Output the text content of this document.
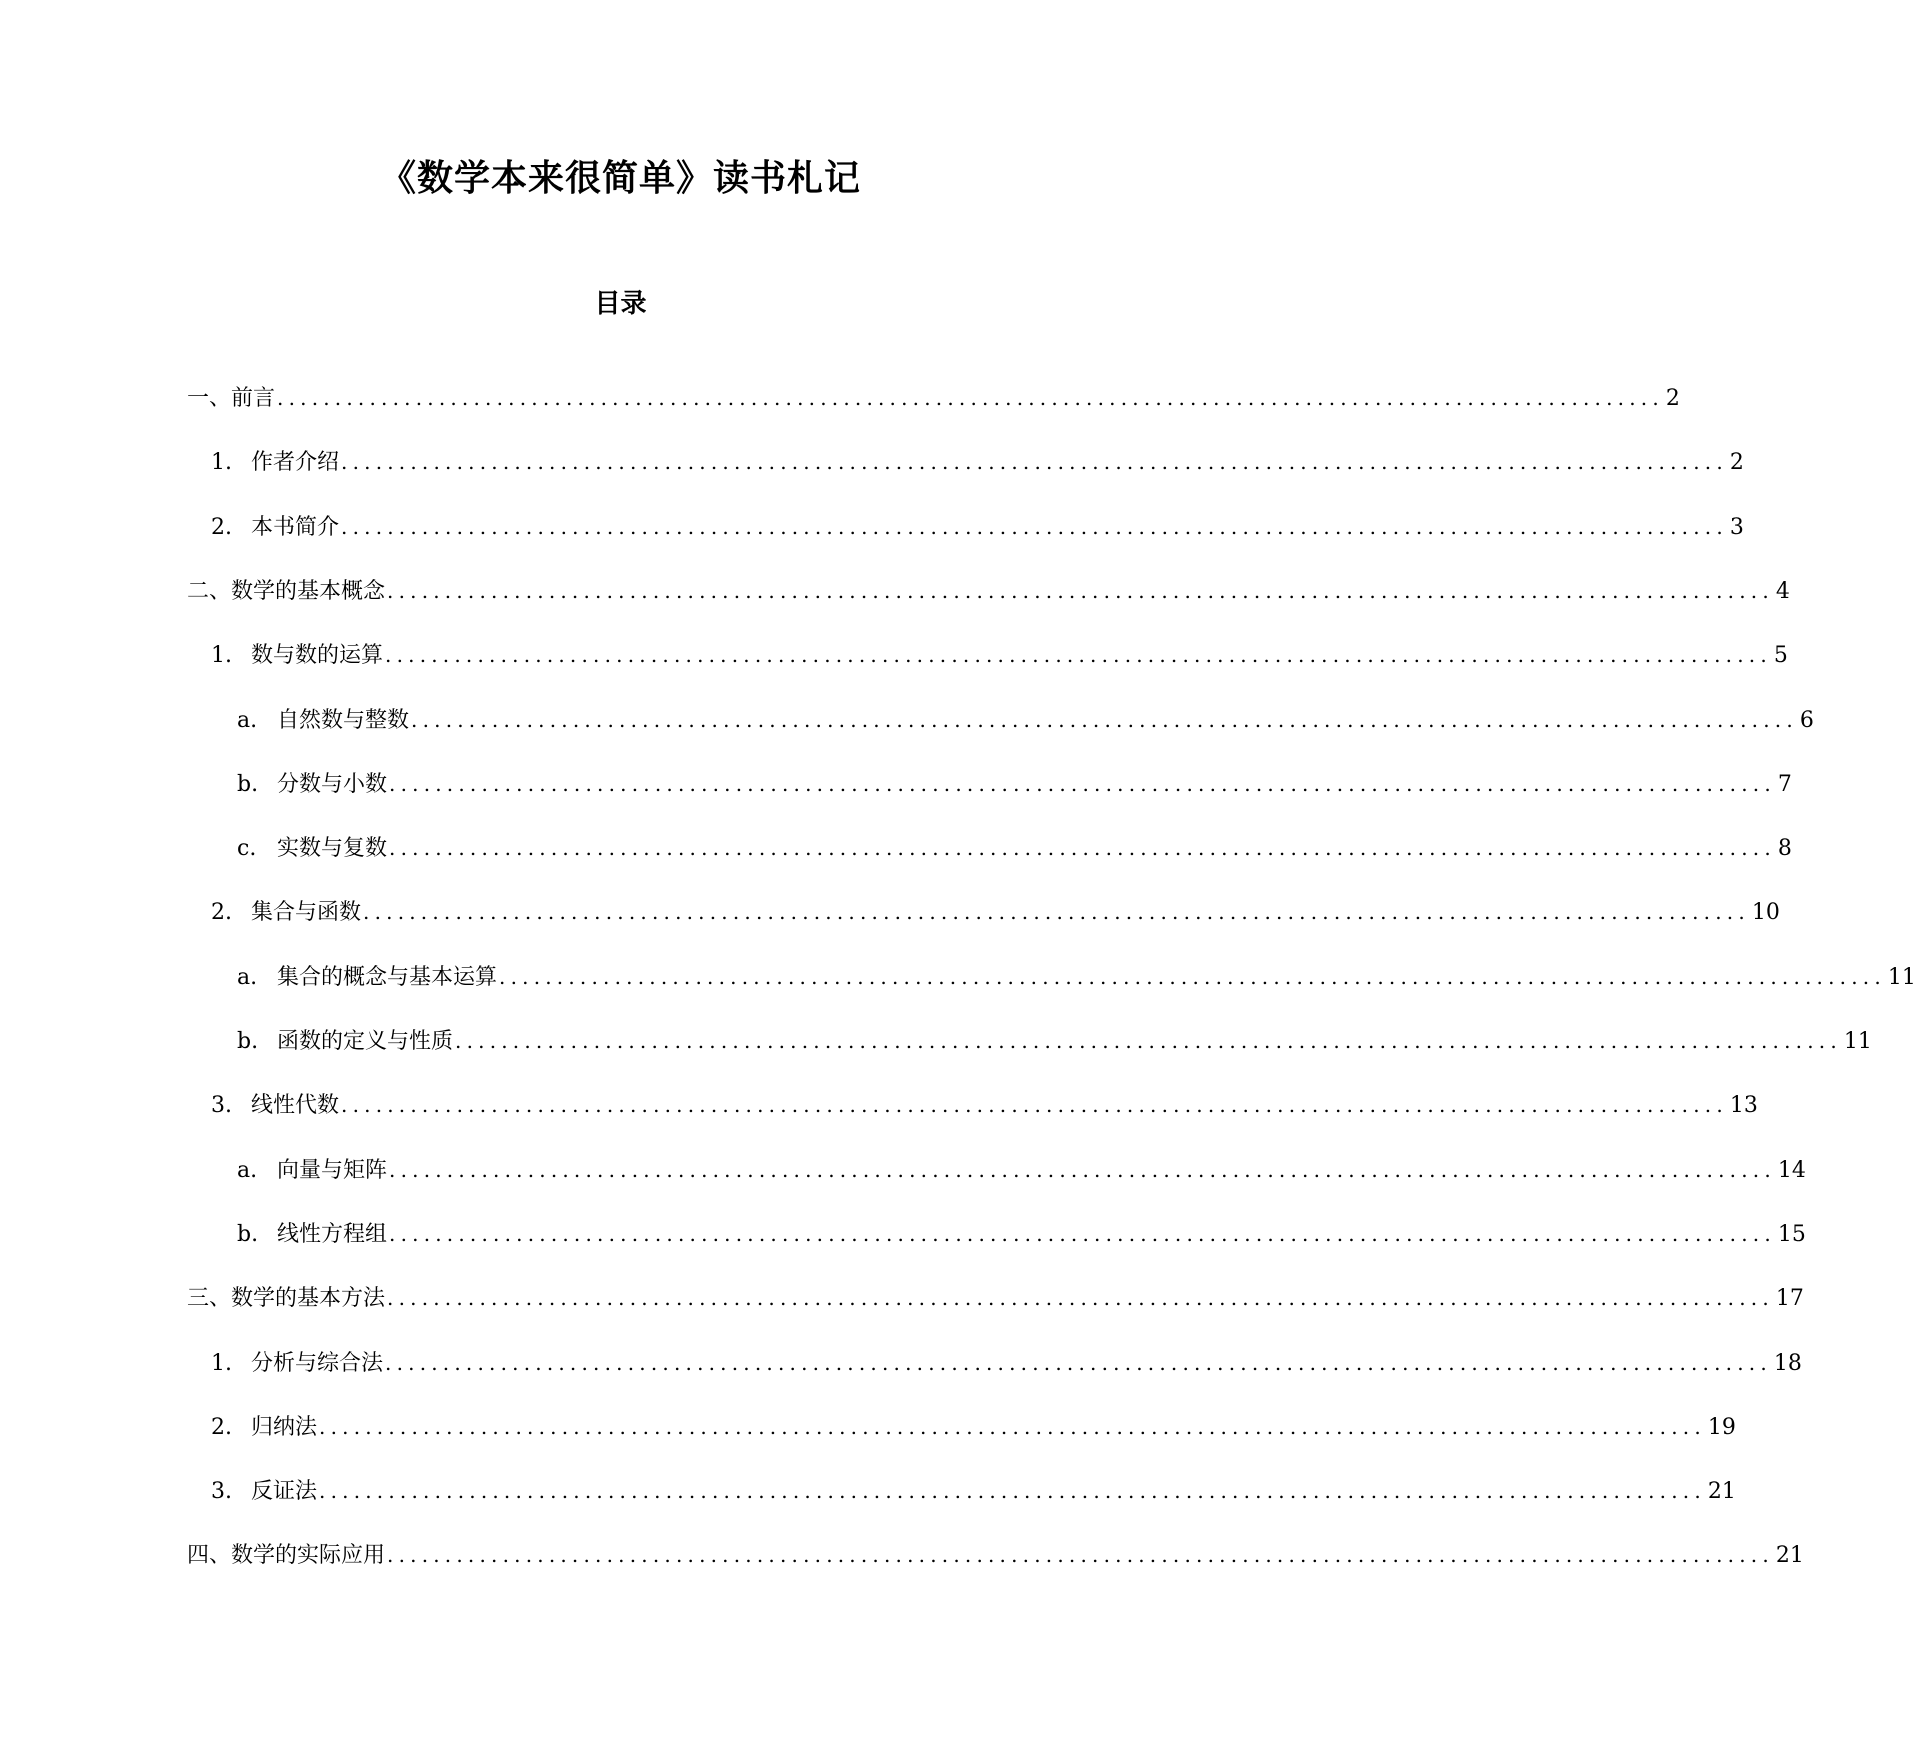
《数学本来很简单》读书札记
目录
一、前言 ........................................................................................................................ 2
1. 作者介绍 ........................................................................................................................ 2
2. 本书简介 ........................................................................................................................ 3
二、数学的基本概念 ........................................................................................................................ 4
1. 数与数的运算 ........................................................................................................................ 5
a. 自然数与整数 ........................................................................................................................ 6
b. 分数与小数 ........................................................................................................................ 7
c. 实数与复数 ........................................................................................................................ 8
2. 集合与函数 ........................................................................................................................ 10
a. 集合的概念与基本运算 ........................................................................................................................ 11
b. 函数的定义与性质 ........................................................................................................................ 11
3. 线性代数 ........................................................................................................................ 13
a. 向量与矩阵 ........................................................................................................................ 14
b. 线性方程组 ........................................................................................................................ 15
三、数学的基本方法 ........................................................................................................................ 17
1. 分析与综合法 ........................................................................................................................ 18
2. 归纳法 ........................................................................................................................ 19
3. 反证法 ........................................................................................................................ 21
四、数学的实际应用 ........................................................................................................................ 21
